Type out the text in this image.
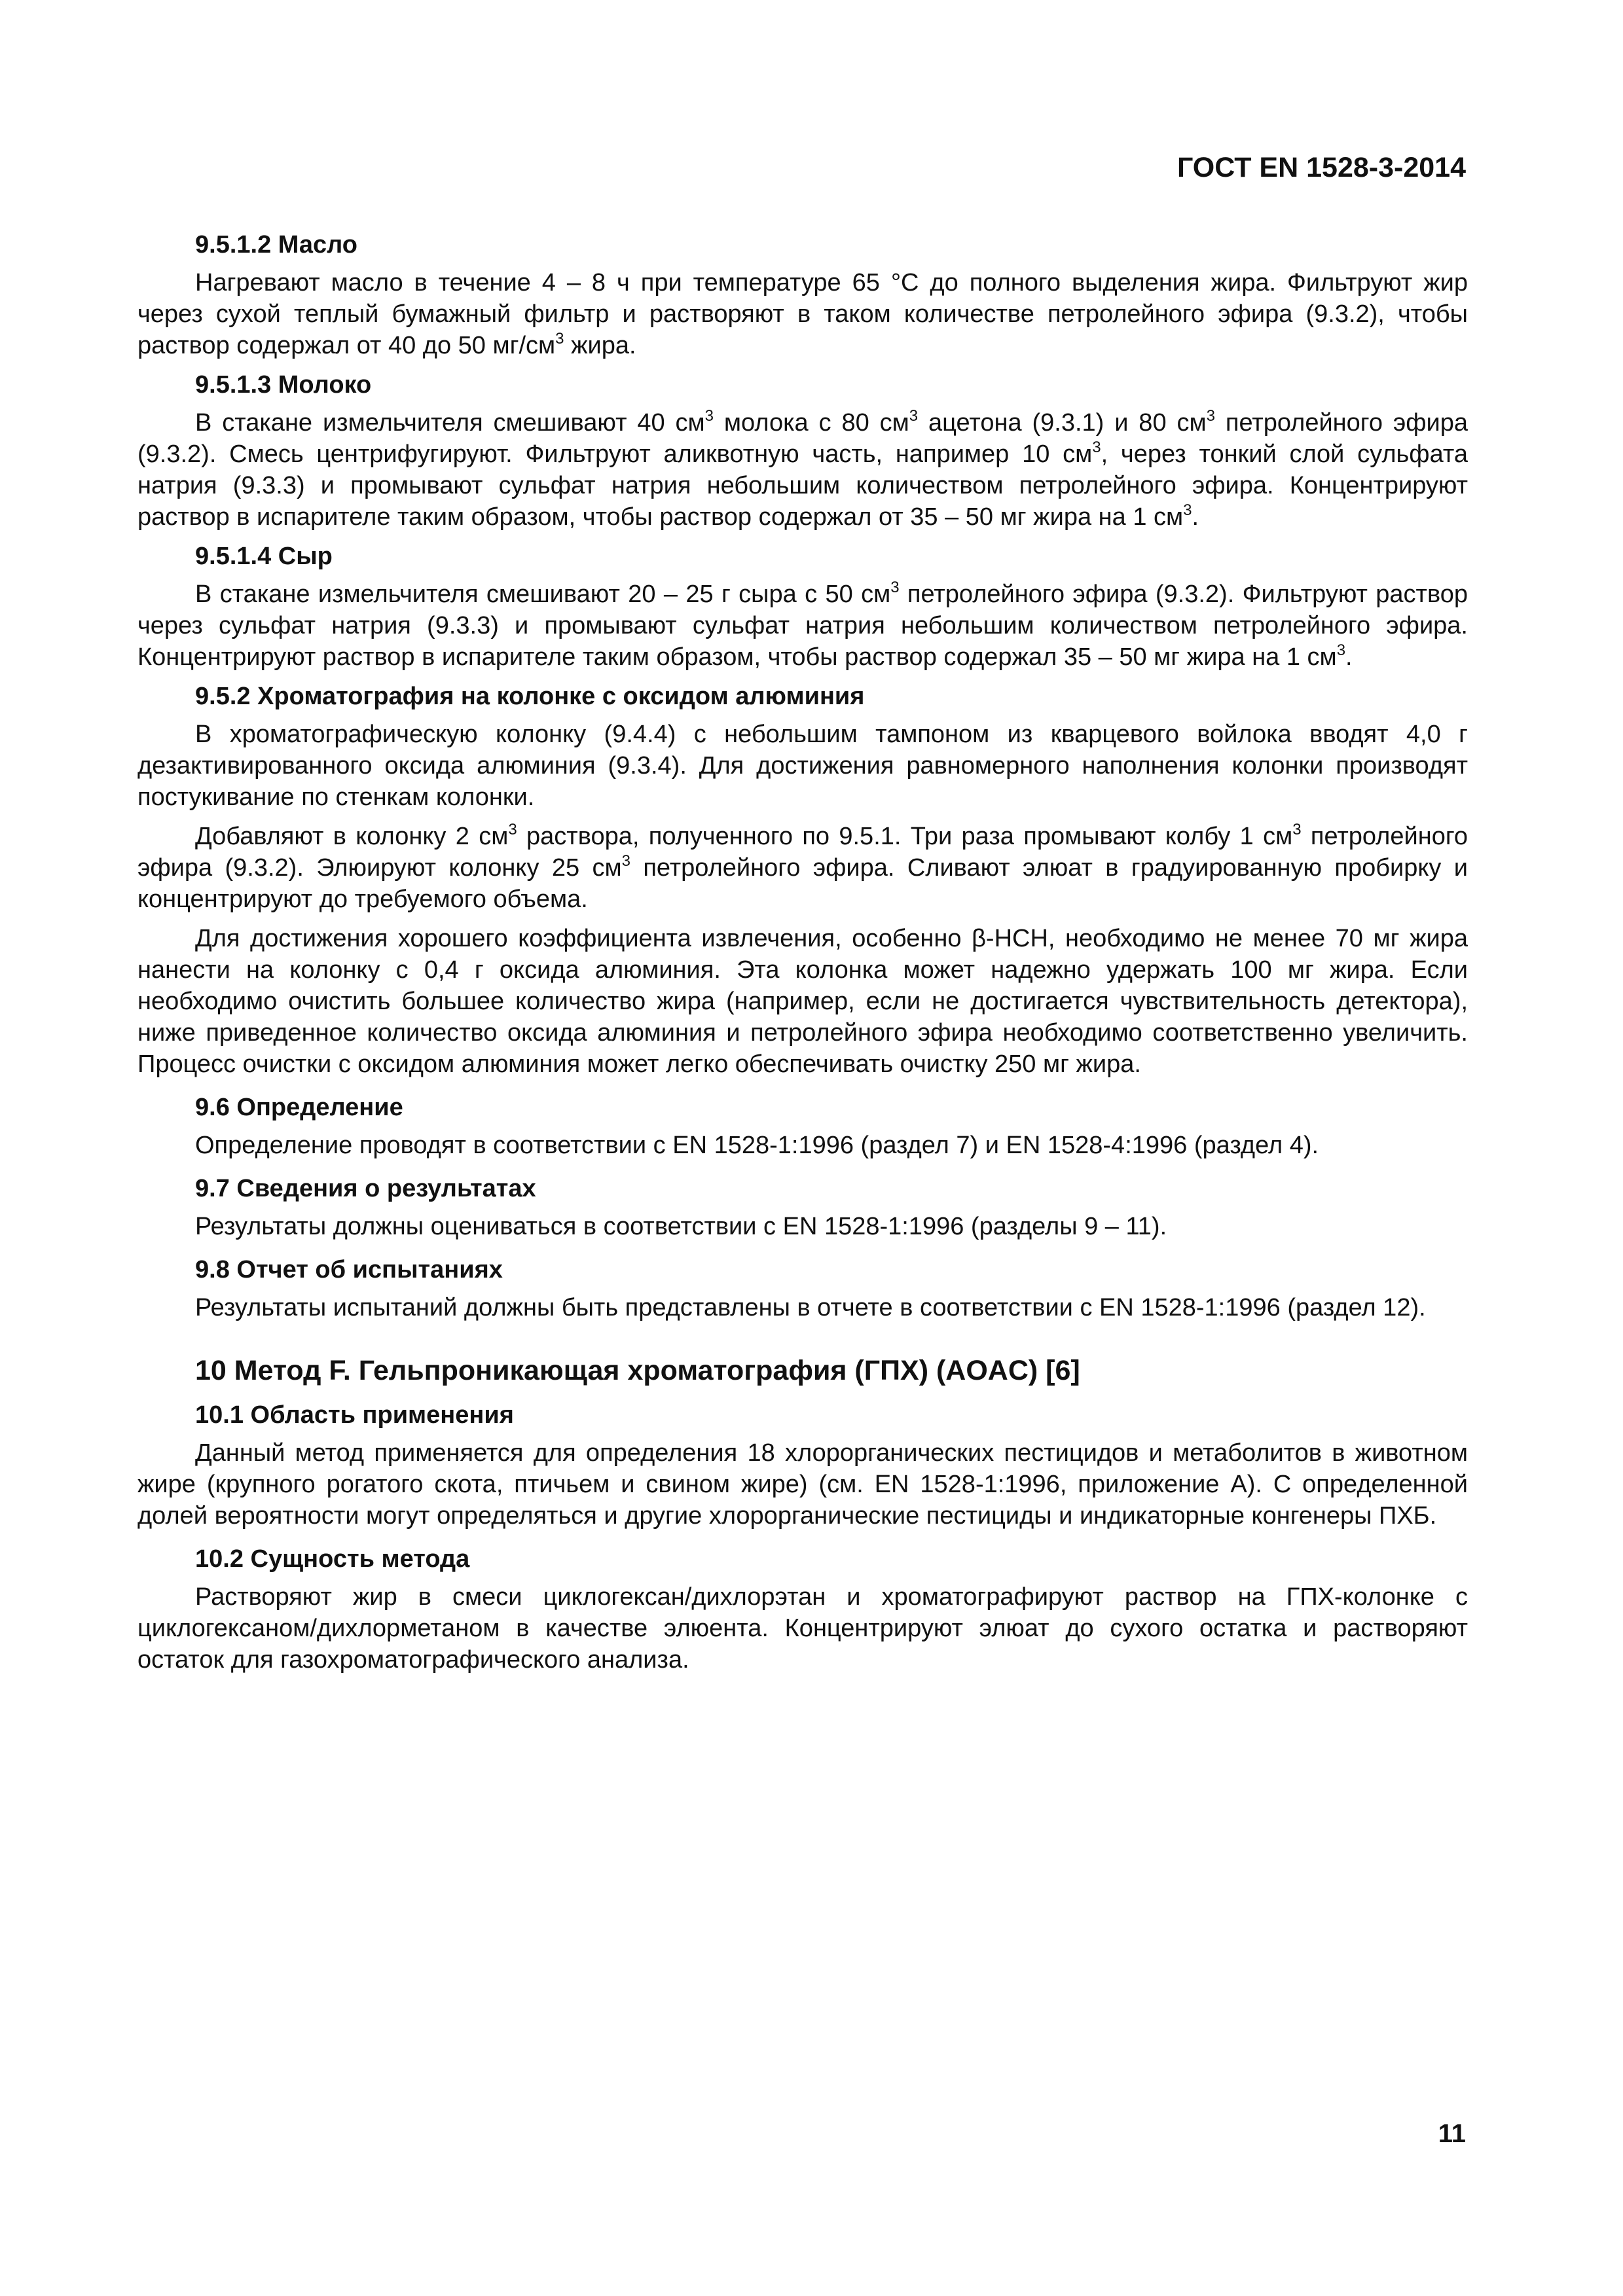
ГОСТ EN 1528-3-2014
9.5.1.2 Масло

Нагревают масло в течение 4 – 8 ч при температуре 65 °С до полного выделения жира. Фильтруют жир через сухой теплый бумажный фильтр и растворяют в таком количестве петролейного эфира (9.3.2), чтобы раствор содержал от 40 до 50 $мг/см^3$ жира.

9.5.1.3 Молоко

В стакане измельчителя смешивают 40 $см^3$ молока с 80 $см^3$ ацетона (9.3.1) и 80 $см^3$ петролейного эфира (9.3.2). Смесь центрифугируют. Фильтруют аликвотную часть, например 10 $см^3$, через тонкий слой сульфата натрия (9.3.3) и промывают сульфат натрия небольшим количеством петролейного эфира. Концентрируют раствор в испарителе таким образом, чтобы раствор содержал от 35 – 50 мг жира на 1 $см^3$.

9.5.1.4 Сыр

В стакане измельчителя смешивают 20 – 25 г сыра с 50 $см^3$ петролейного эфира (9.3.2). Фильтруют раствор через сульфат натрия (9.3.3) и промывают сульфат натрия небольшим количеством петролейного эфира. Концентрируют раствор в испарителе таким образом, чтобы раствор содержал 35 – 50 мг жира на 1 $см^3$.

9.5.2 Хроматография на колонке с оксидом алюминия

В хроматографическую колонку (9.4.4) с небольшим тампоном из кварцевого войлока вводят 4,0 г дезактивированного оксида алюминия (9.3.4). Для достижения равномерного наполнения колонки производят постукивание по стенкам колонки.

Добавляют в колонку 2 $см^3$ раствора, полученного по 9.5.1. Три раза промывают колбу 1 $см^3$ петролейного эфира (9.3.2). Элюируют колонку 25 $см^3$ петролейного эфира. Сливают элюат в градуированную пробирку и концентрируют до требуемого объема.

Для достижения хорошего коэффициента извлечения, особенно β-НСН, необходимо не менее 70 мг жира нанести на колонку с 0,4 г оксида алюминия. Эта колонка может надежно удержать 100 мг жира. Если необходимо очистить большее количество жира (например, если не достигается чувствительность детектора), ниже приведенное количество оксида алюминия и петролейного эфира необходимо соответственно увеличить. Процесс очистки с оксидом алюминия может легко обеспечивать очистку 250 мг жира.

9.6 Определение

Определение проводят в соответствии с EN 1528-1:1996 (раздел 7) и EN 1528-4:1996 (раздел 4).

9.7 Сведения о результатах

Результаты должны оцениваться в соответствии с EN 1528-1:1996 (разделы 9 – 11).

9.8 Отчет об испытаниях

Результаты испытаний должны быть представлены в отчете в соответствии с EN 1528-1:1996 (раздел 12).

10 Метод F. Гельпроникающая хроматография (ГПХ) (AOAC) [6]
10.1 Область применения

Данный метод применяется для определения 18 хлорорганических пестицидов и метаболитов в животном жире (крупного рогатого скота, птичьем и свином жире) (см. EN 1528-1:1996, приложение А). С определенной долей вероятности могут определяться и другие хлорорганические пестициды и индикаторные конгенеры ПХБ.

10.2 Сущность метода

Растворяют жир в смеси циклогексан/дихлорэтан и хроматографируют раствор на ГПХ-колонке с циклогексаном/дихлорметаном в качестве элюента. Концентрируют элюат до сухого остатка и растворяют остаток для газохроматографического анализа.

11
